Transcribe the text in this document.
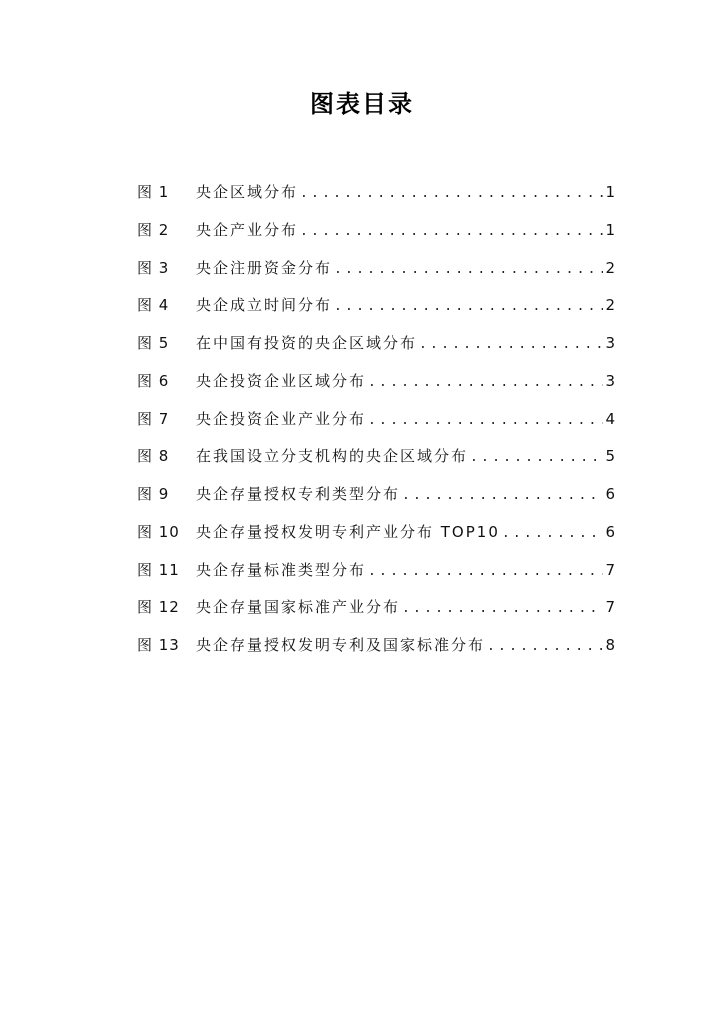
图表目录
图 1	央企区域分布 .....	1
图 2	央企产业分布 .....	1
图 3	央企注册资金分布 .....	2
图 4	央企成立时间分布 .....	2
图 5	在中国有投资的央企区域分布 .....	3
图 6	央企投资企业区域分布 .....	3
图 7	央企投资企业产业分布 .....	4
图 8	在我国设立分支机构的央企区域分布 .....	5
图 9	央企存量授权专利类型分布 .....	6
图 10	央企存量授权发明专利产业分布 TOP10 .....	6
图 11	央企存量标准类型分布 .....	7
图 12	央企存量国家标准产业分布 .....	7
图 13	央企存量授权发明专利及国家标准分布 .....	8
